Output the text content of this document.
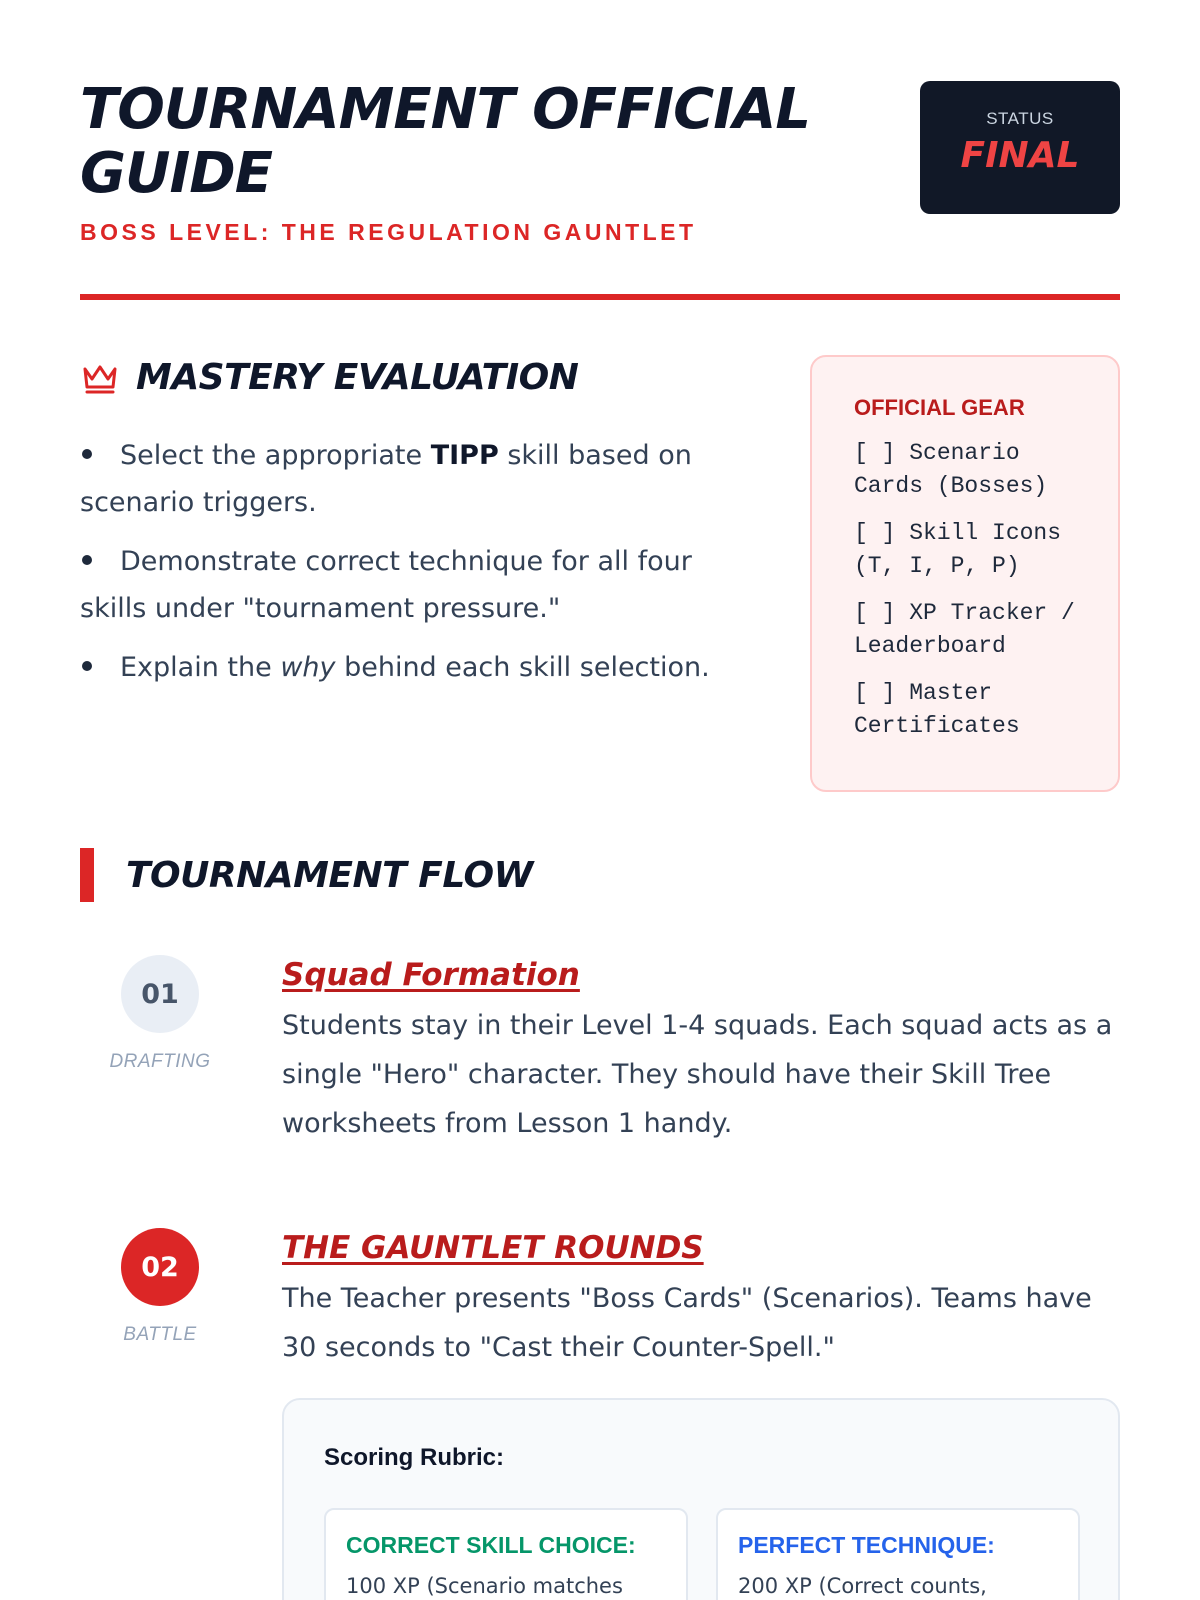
TOURNAMENT OFFICIAL GUIDE
BOSS LEVEL: THE REGULATION GAUNTLET
STATUS
FINAL
MASTERY EVALUATION
Select the appropriate TIPP skill based on scenario triggers.
Demonstrate correct technique for all four skills under "tournament pressure."
Explain the why behind each skill selection.
OFFICIAL GEAR
[ ] Scenario Cards (Bosses)
[ ] Skill Icons (T, I, P, P)
[ ] XP Tracker / Leaderboard
[ ] Master Certificates
TOURNAMENT FLOW
01
DRAFTING
Squad Formation
Students stay in their Level 1-4 squads. Each squad acts as a single "Hero" character. They should have their Skill Tree worksheets from Lesson 1 handy.
02
BATTLE
THE GAUNTLET ROUNDS
The Teacher presents "Boss Cards" (Scenarios). Teams have 30 seconds to "Cast their Counter-Spell."
Scoring Rubric:
CORRECT SKILL CHOICE:
100 XP (Scenario matches
PERFECT TECHNIQUE:
200 XP (Correct counts,
